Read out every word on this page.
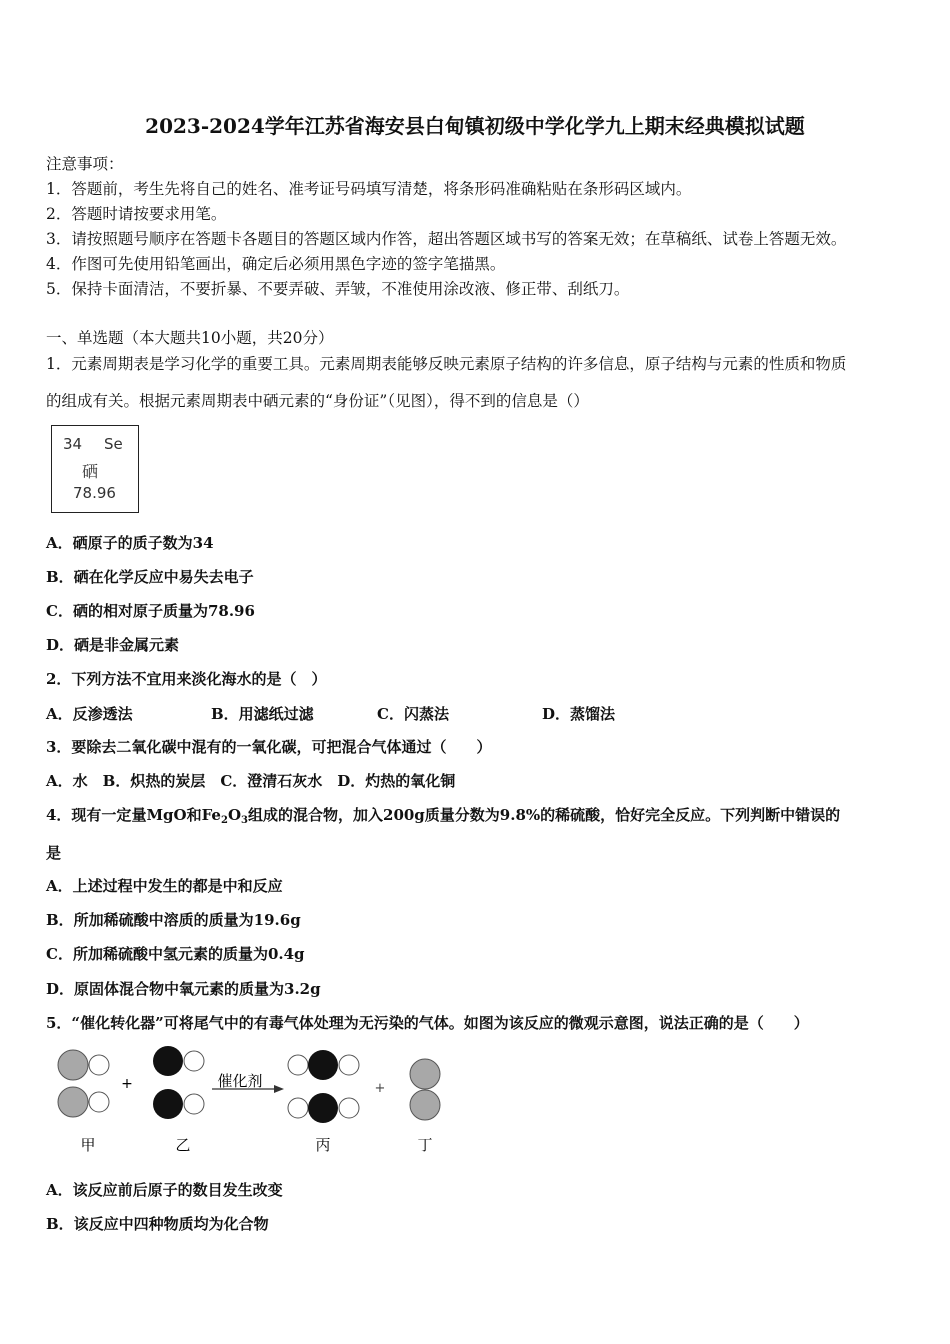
2023-2024学年江苏省海安县白甸镇初级中学化学九上期末经典模拟试题
注意事项：
1．答题前，考生先将自己的姓名、准考证号码填写清楚，将条形码准确粘贴在条形码区域内。
2．答题时请按要求用笔。
3．请按照题号顺序在答题卡各题目的答题区域内作答，超出答题区域书写的答案无效；在草稿纸、试卷上答题无效。
4．作图可先使用铅笔画出，确定后必须用黑色字迹的签字笔描黑。
5．保持卡面清洁，不要折暴、不要弄破、弄皱，不准使用涂改液、修正带、刮纸刀。
一、单选题（本大题共10小题，共20分）
1．元素周期表是学习化学的重要工具。元素周期表能够反映元素原子结构的许多信息，原子结构与元素的性质和物质
的组成有关。根据元素周期表中硒元素的“身份证”（见图），得不到的信息是（）
34 Se
硒
78.96
A．硒原子的质子数为34
B．硒在化学反应中易失去电子
C．硒的相对原子质量为78.96
D．硒是非金属元素
2．下列方法不宜用来淡化海水的是（　）
A．反渗透法	B．用滤纸过滤	C．闪蒸法	D．蒸馏法
3．要除去二氧化碳中混有的一氧化碳，可把混合气体通过（　　）
A．水　B．炽热的炭层　C．澄清石灰水　D．灼热的氧化铜
4．现有一定量MgO和$Fe_2O_3$组成的混合物，加入200g质量分数为9.8%的稀硫酸，恰好完全反应。下列判断中错误的
是
A．上述过程中发生的都是中和反应
B．所加稀硫酸中溶质的质量为19.6g
C．所加稀硫酸中氢元素的质量为0.4g
D．原固体混合物中氧元素的质量为3.2g
5．“催化转化器”可将尾气中的有毒气体处理为无污染的气体。如图为该反应的微观示意图，说法正确的是（　　）
+	催化剂	+
甲	乙	丙	丁
A．该反应前后原子的数目发生改变
B．该反应中四种物质均为化合物
